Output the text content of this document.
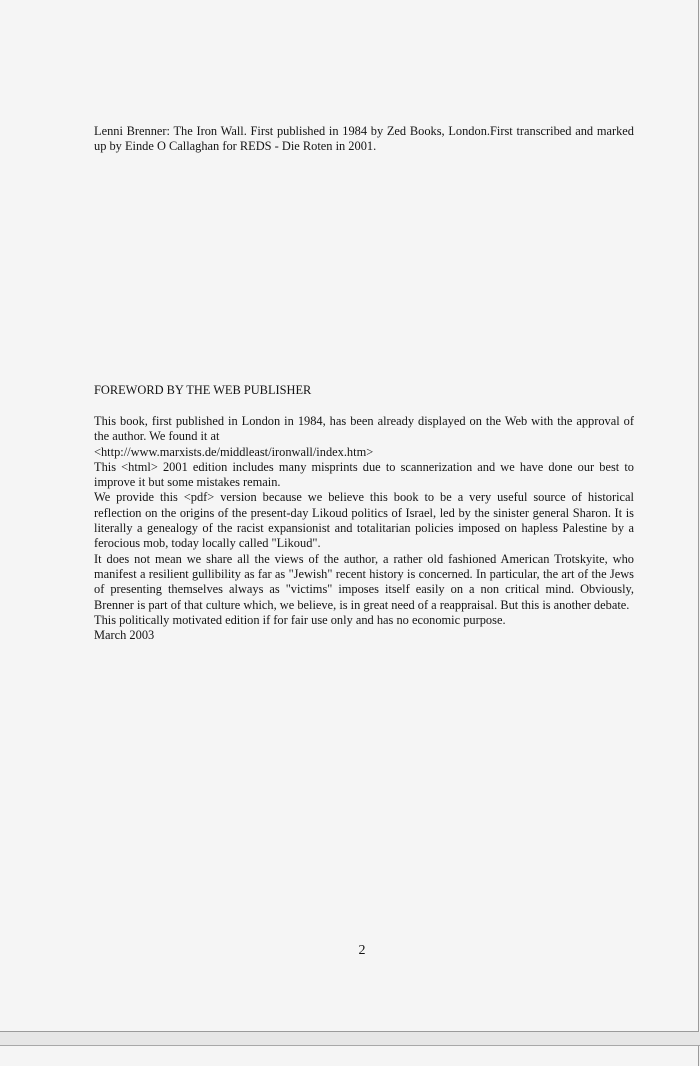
Lenni Brenner: The Iron Wall. First published in 1984 by Zed Books, London.First transcribed and marked up by Einde O Callaghan for REDS - Die Roten in 2001.
FOREWORD BY THE WEB PUBLISHER

This book, first published in London in 1984, has been already displayed on the Web with the approval of the author. We found it at

<http://www.marxists.de/middleast/ironwall/index.htm>

This <html> 2001 edition includes many misprints due to scannerization and we have done our best to improve it but some mistakes remain.

We provide this <pdf> version because we believe this book to be a very useful source of historical reflection on the origins of the present-day Likoud politics of Israel, led by the sinister general Sharon. It is literally a genealogy of the racist expansionist and totalitarian policies imposed on hapless Palestine by a ferocious mob, today locally called "Likoud".

It does not mean we share all the views of the author, a rather old fashioned American Trotskyite, who manifest a resilient gullibility as far as "Jewish" recent history is concerned. In particular, the art of the Jews of presenting themselves always as "victims" imposes itself easily on a non critical mind. Obviously, Brenner is part of that culture which, we believe, is in great need of a reappraisal. But this is another debate.

This politically motivated edition if for fair use only and has no economic purpose.

March 2003

2
